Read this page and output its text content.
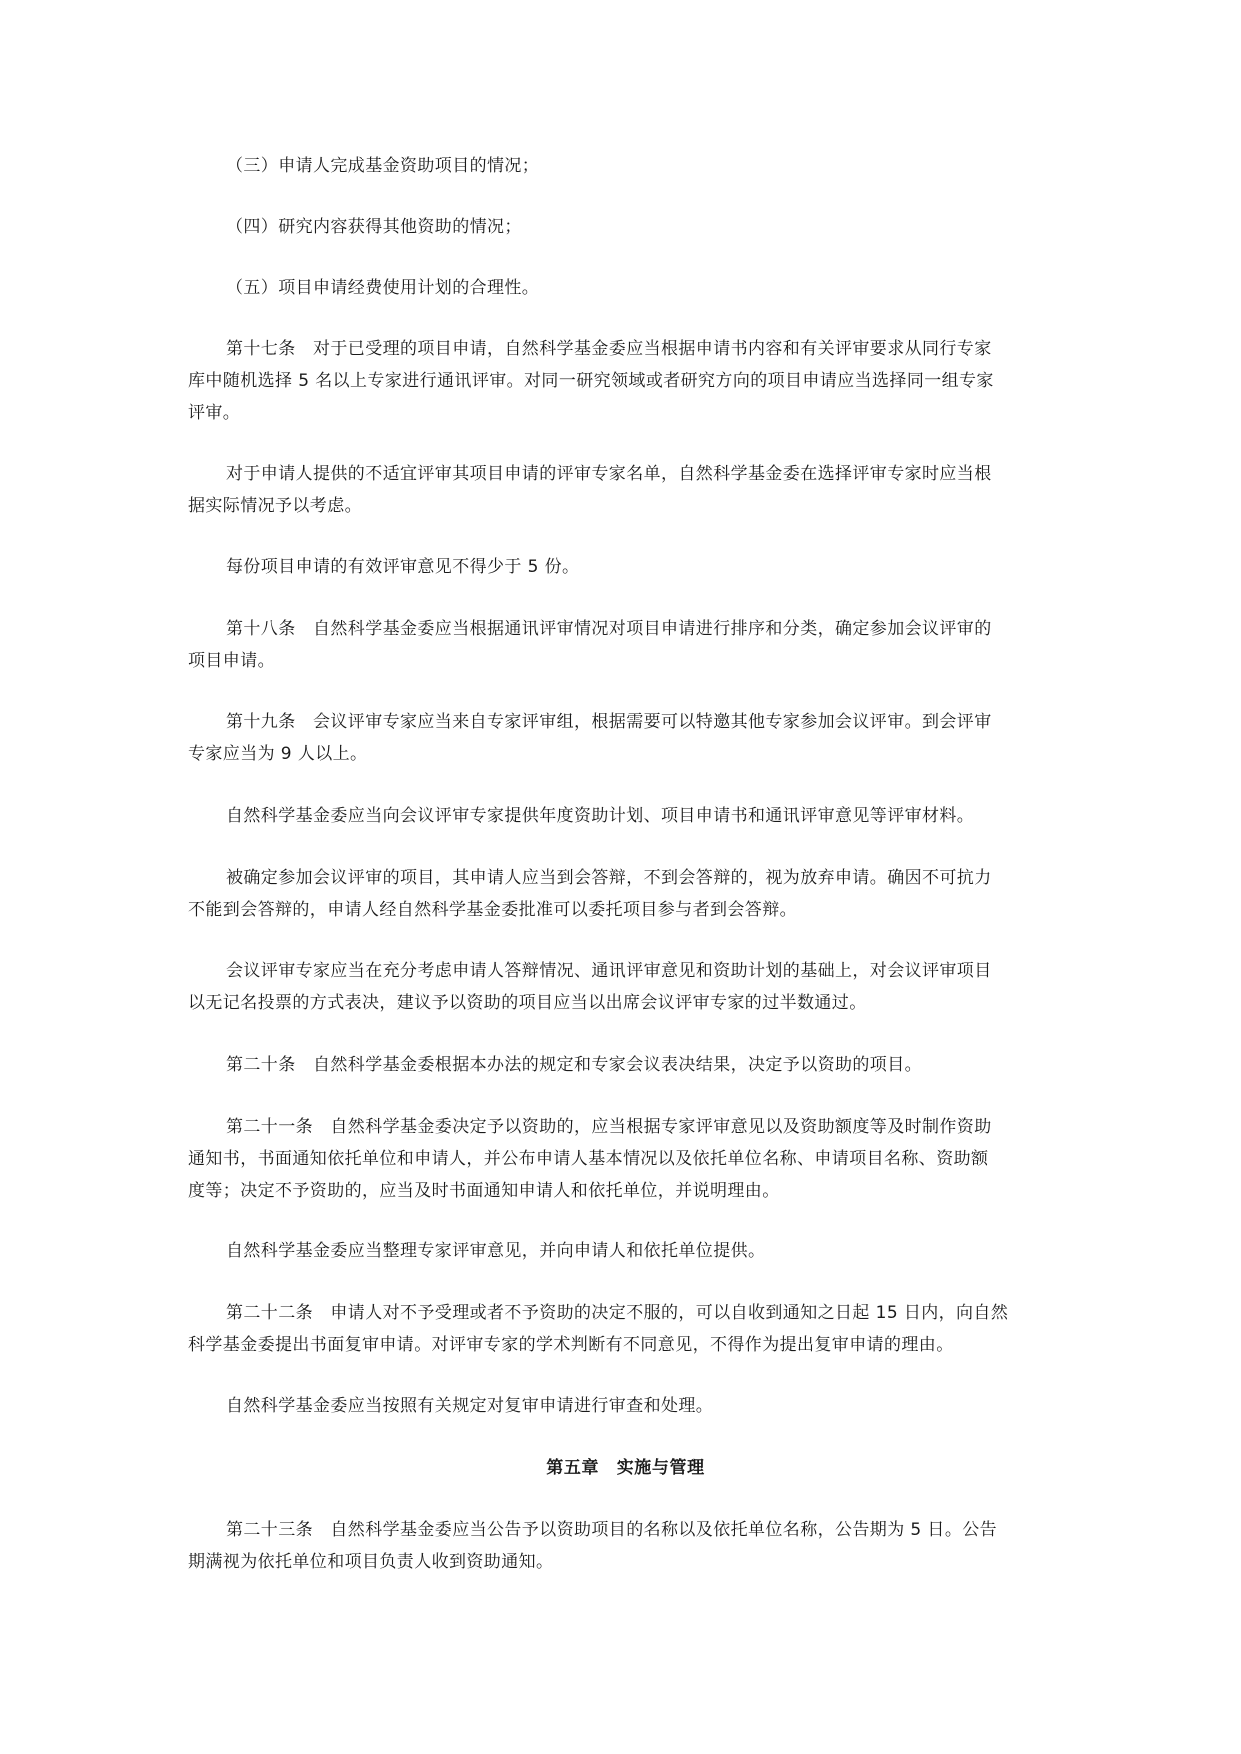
（三）申请人完成基金资助项目的情况；

（四）研究内容获得其他资助的情况；

（五）项目申请经费使用计划的合理性。

第十七条　对于已受理的项目申请，自然科学基金委应当根据申请书内容和有关评审要求从同行专家
库中随机选择 5 名以上专家进行通讯评审。对同一研究领域或者研究方向的项目申请应当选择同一组专家
评审。

对于申请人提供的不适宜评审其项目申请的评审专家名单，自然科学基金委在选择评审专家时应当根
据实际情况予以考虑。

每份项目申请的有效评审意见不得少于 5 份。

第十八条　自然科学基金委应当根据通讯评审情况对项目申请进行排序和分类，确定参加会议评审的
项目申请。

第十九条　会议评审专家应当来自专家评审组，根据需要可以特邀其他专家参加会议评审。到会评审
专家应当为 9 人以上。

自然科学基金委应当向会议评审专家提供年度资助计划、项目申请书和通讯评审意见等评审材料。

被确定参加会议评审的项目，其申请人应当到会答辩，不到会答辩的，视为放弃申请。确因不可抗力
不能到会答辩的，申请人经自然科学基金委批准可以委托项目参与者到会答辩。

会议评审专家应当在充分考虑申请人答辩情况、通讯评审意见和资助计划的基础上，对会议评审项目
以无记名投票的方式表决，建议予以资助的项目应当以出席会议评审专家的过半数通过。

第二十条　自然科学基金委根据本办法的规定和专家会议表决结果，决定予以资助的项目。

第二十一条　自然科学基金委决定予以资助的，应当根据专家评审意见以及资助额度等及时制作资助
通知书，书面通知依托单位和申请人，并公布申请人基本情况以及依托单位名称、申请项目名称、资助额
度等；决定不予资助的，应当及时书面通知申请人和依托单位，并说明理由。

自然科学基金委应当整理专家评审意见，并向申请人和依托单位提供。

第二十二条　申请人对不予受理或者不予资助的决定不服的，可以自收到通知之日起 15 日内，向自然
科学基金委提出书面复审申请。对评审专家的学术判断有不同意见，不得作为提出复审申请的理由。

自然科学基金委应当按照有关规定对复审申请进行审查和处理。

第五章　实施与管理

第二十三条　自然科学基金委应当公告予以资助项目的名称以及依托单位名称，公告期为 5 日。公告
期满视为依托单位和项目负责人收到资助通知。
